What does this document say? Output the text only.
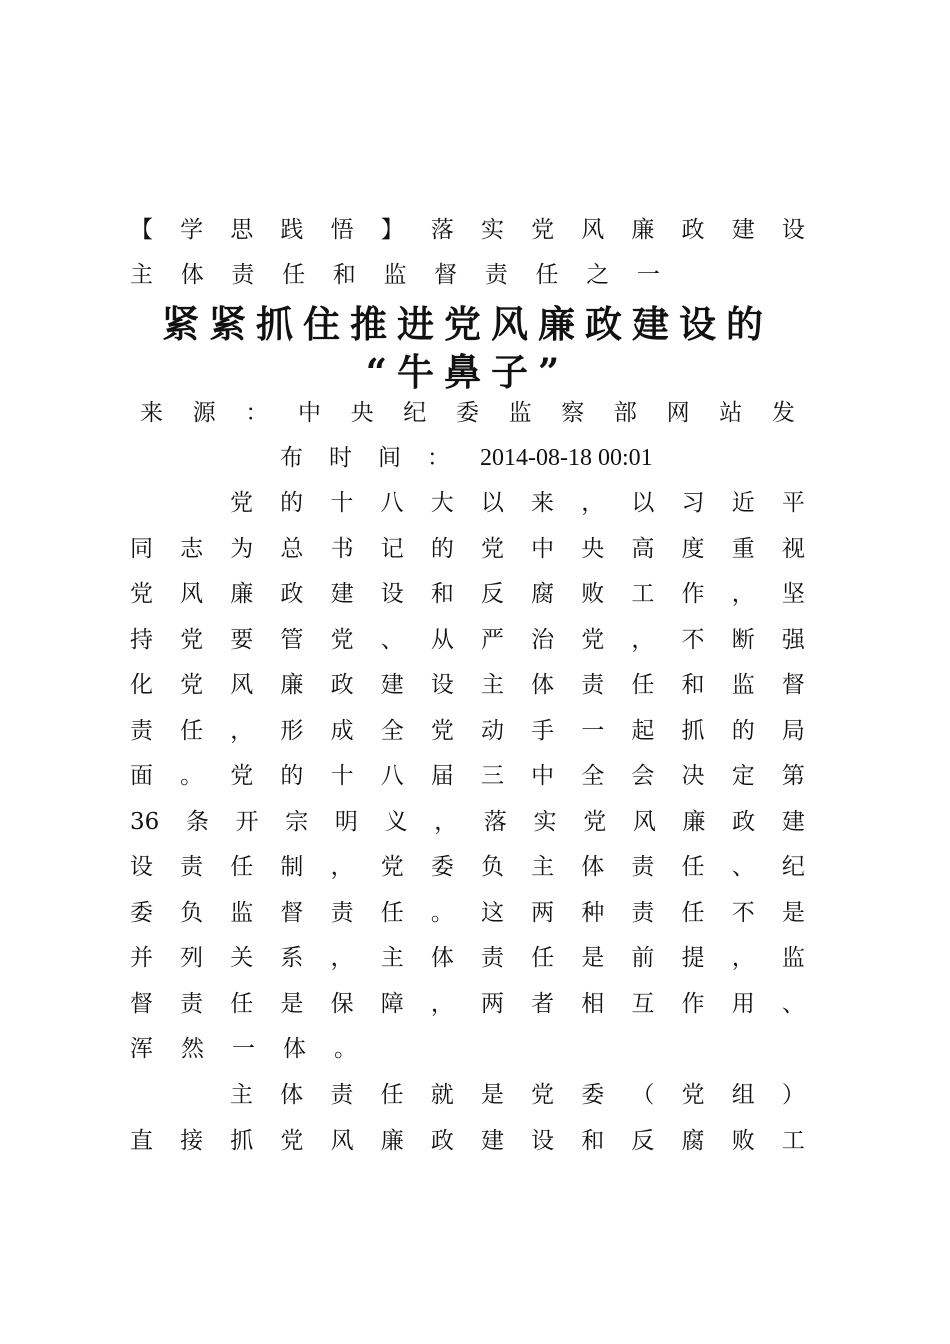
【 学 思 践 悟 】 落 实 党 风 廉 政 建 设
主 体 责 任 和 监 督 责 任 之 一
紧紧抓住推进党风廉政建设的
“牛鼻子”
来 源 ： 中 央 纪 委 监 察 部 网 站 发
布 时 间 ： 2014-08-18 00:01
党 的 十 八 大 以 来 ， 以 习 近 平
同 志 为 总 书 记 的 党 中 央 高 度 重 视
党 风 廉 政 建 设 和 反 腐 败 工 作 ， 坚
持 党 要 管 党 、 从 严 治 党 ， 不 断 强
化 党 风 廉 政 建 设 主 体 责 任 和 监 督
责 任 ， 形 成 全 党 动 手 一 起 抓 的 局
面 。 党 的 十 八 届 三 中 全 会 决 定 第
36 条 开 宗 明 义 ， 落 实 党 风 廉 政 建
设 责 任 制 ， 党 委 负 主 体 责 任 、 纪
委 负 监 督 责 任 。 这 两 种 责 任 不 是
并 列 关 系 ， 主 体 责 任 是 前 提 ， 监
督 责 任 是 保 障 ， 两 者 相 互 作 用 、
浑 然 一 体 。
主 体 责 任 就 是 党 委 （ 党 组 ）
直 接 抓 党 风 廉 政 建 设 和 反 腐 败 工
